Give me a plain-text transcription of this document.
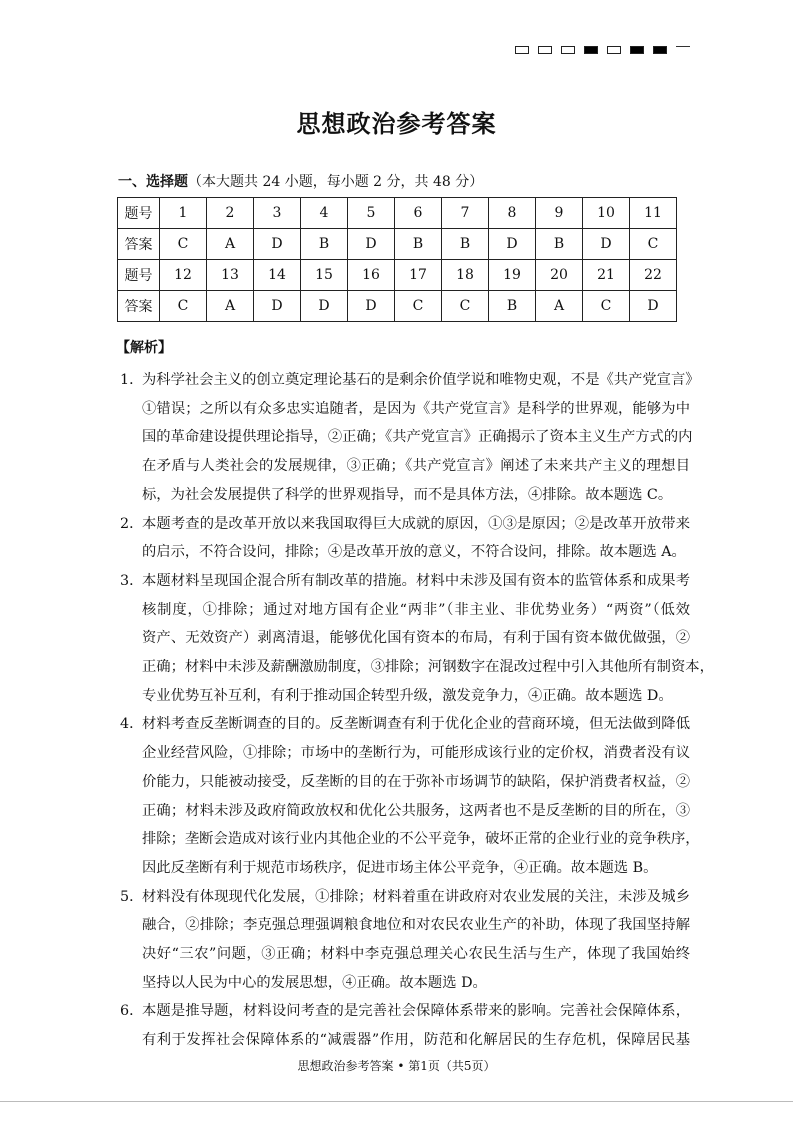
思想政治参考答案
一、选择题（本大题共 24 小题，每小题 2 分，共 48 分）
题号	1	2	3	4	5	6	7	8	9	10	11
答案	C	A	D	B	D	B	B	D	B	D	C
题号	12	13	14	15	16	17	18	19	20	21	22
答案	C	A	D	D	D	C	C	B	A	C	D
【解析】
1．
为科学社会主义的创立奠定理论基石的是剩余价值学说和唯物史观，不是《共产党宣言》
①错误；之所以有众多忠实追随者，是因为《共产党宣言》是科学的世界观，能够为中
国的革命建设提供理论指导，②正确；《共产党宣言》正确揭示了资本主义生产方式的内
在矛盾与人类社会的发展规律，③正确；《共产党宣言》阐述了未来共产主义的理想目
标，为社会发展提供了科学的世界观指导，而不是具体方法，④排除。故本题选 C。
2．
本题考查的是改革开放以来我国取得巨大成就的原因，①③是原因；②是改革开放带来
的启示，不符合设问，排除；④是改革开放的意义，不符合设问，排除。故本题选 A。
3．
本题材料呈现国企混合所有制改革的措施。材料中未涉及国有资本的监管体系和成果考
核制度，①排除；通过对地方国有企业“两非”（非主业、非优势业务）“两资”（低效
资产、无效资产）剥离清退，能够优化国有资本的布局，有利于国有资本做优做强，②
正确；材料中未涉及薪酬激励制度，③排除；河钢数字在混改过程中引入其他所有制资本，
专业优势互补互利，有利于推动国企转型升级，激发竞争力，④正确。故本题选 D。
4．
材料考查反垄断调查的目的。反垄断调查有利于优化企业的营商环境，但无法做到降低
企业经营风险，①排除；市场中的垄断行为，可能形成该行业的定价权，消费者没有议
价能力，只能被动接受，反垄断的目的在于弥补市场调节的缺陷，保护消费者权益，②
正确；材料未涉及政府简政放权和优化公共服务，这两者也不是反垄断的目的所在，③
排除；垄断会造成对该行业内其他企业的不公平竞争，破坏正常的企业行业的竞争秩序，
因此反垄断有利于规范市场秩序，促进市场主体公平竞争，④正确。故本题选 B。
5．
材料没有体现现代化发展，①排除；材料着重在讲政府对农业发展的关注，未涉及城乡
融合，②排除；李克强总理强调粮食地位和对农民农业生产的补助，体现了我国坚持解
决好“三农”问题，③正确；材料中李克强总理关心农民生活与生产，体现了我国始终
坚持以人民为中心的发展思想，④正确。故本题选 D。
6．
本题是推导题，材料设问考查的是完善社会保障体系带来的影响。完善社会保障体系，
有利于发挥社会保障体系的“减震器”作用，防范和化解居民的生存危机，保障居民基
思想政治参考答案 • 第1页（共5页）
